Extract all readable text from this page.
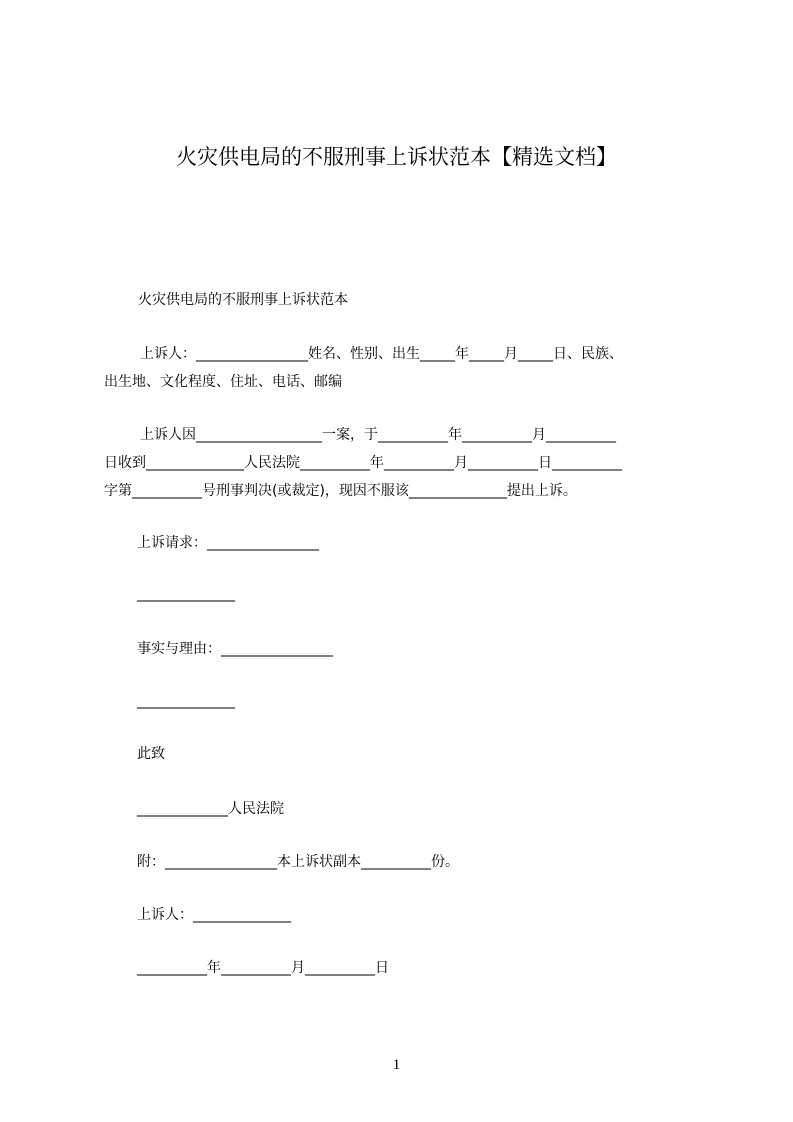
火灾供电局的不服刑事上诉状范本【精选文档】
火灾供电局的不服刑事上诉状范本
上诉人：________________姓名、性别、出生_____年_____月_____日、民族、
出生地、文化程度、住址、电话、邮编
上诉人因__________________一案，于__________年__________月__________
日收到______________人民法院__________年__________月__________日__________
字第__________号刑事判决(或裁定)，现因不服该______________提出上诉。
上诉请求：________________
______________
事实与理由：________________
______________
此致
_____________人民法院
附：________________本上诉状副本__________份。
上诉人：______________
__________年__________月__________日
1
